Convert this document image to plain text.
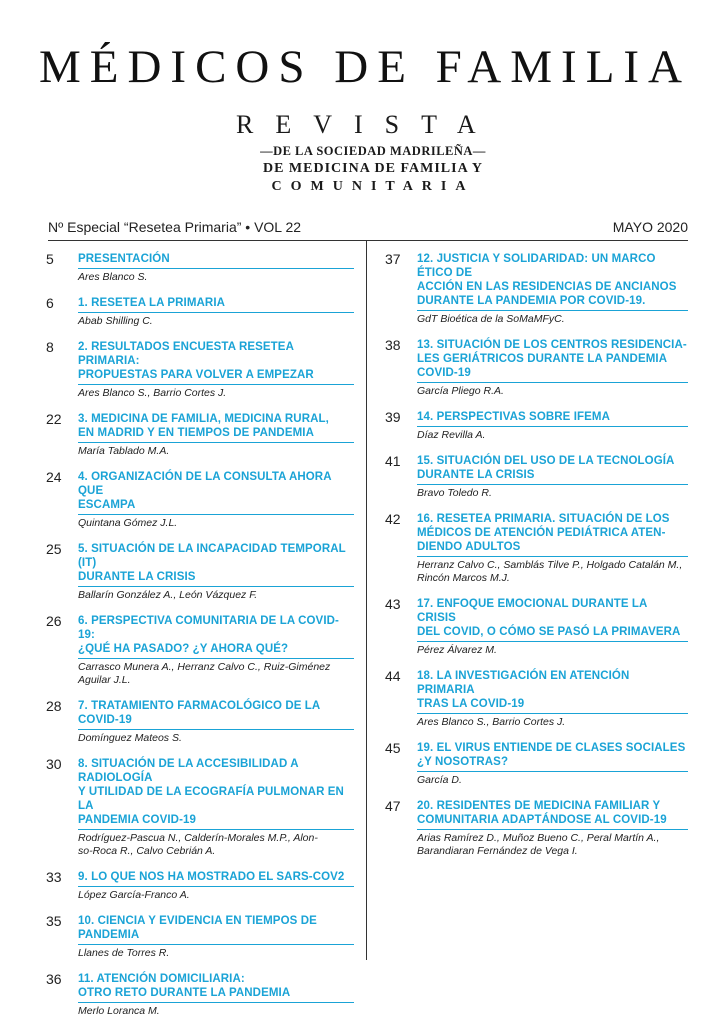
MÉDICOS DE FAMILIA
REVISTA
—DE LA SOCIEDAD MADRILEÑA—
DE MEDICINA DE FAMILIA Y
COMUNITARIA
Nº Especial “Resetea Primaria” • VOL 22	MAYO 2020
5 PRESENTACIÓN
Ares Blanco S.
6 1. RESETEA LA PRIMARIA
Abab Shilling C.
8 2. RESULTADOS ENCUESTA RESETEA PRIMARIA:
PROPUESTAS PARA VOLVER A EMPEZAR
Ares Blanco S., Barrio Cortes J.
22 3. MEDICINA DE FAMILIA, MEDICINA RURAL,
EN MADRID Y EN TIEMPOS DE PANDEMIA
María Tablado M.A.
24 4. ORGANIZACIÓN DE LA CONSULTA AHORA QUE
ESCAMPA
Quintana Gómez J.L.
25 5. SITUACIÓN DE LA INCAPACIDAD TEMPORAL (IT)
DURANTE LA CRISIS
Ballarín González A., León Vázquez F.
26 6. PERSPECTIVA COMUNITARIA DE LA COVID-19:
¿QUÉ HA PASADO? ¿Y AHORA QUÉ?
Carrasco Munera A., Herranz Calvo C., Ruiz-Giménez
Aguilar J.L.
28 7. TRATAMIENTO FARMACOLÓGICO DE LA COVID-19
Domínguez Mateos S.
30 8. SITUACIÓN DE LA ACCESIBILIDAD A RADIOLOGÍA
Y UTILIDAD DE LA ECOGRAFÍA PULMONAR EN LA
PANDEMIA COVID-19
Rodríguez-Pascua N., Calderín-Morales M.P., Alon-
so-Roca R., Calvo Cebrián A.
33 9. LO QUE NOS HA MOSTRADO EL SARS-COV2
López García-Franco A.
35 10. CIENCIA Y EVIDENCIA EN TIEMPOS DE PANDEMIA
Llanes de Torres R.
36 11. ATENCIÓN DOMICILIARIA:
OTRO RETO DURANTE LA PANDEMIA
Merlo Loranca M.
37 12. JUSTICIA Y SOLIDARIDAD: UN MARCO ÉTICO DE
ACCIÓN EN LAS RESIDENCIAS DE ANCIANOS
DURANTE LA PANDEMIA POR COVID-19.
GdT Bioética de la SoMaMFyC.
38 13. SITUACIÓN DE LOS CENTROS RESIDENCIA-
LES GERIÁTRICOS DURANTE LA PANDEMIA
COVID-19
García Pliego R.A.
39 14. PERSPECTIVAS SOBRE IFEMA
Díaz Revilla A.
41 15. SITUACIÓN DEL USO DE LA TECNOLOGÍA
DURANTE LA CRISIS
Bravo Toledo R.
42 16. RESETEA PRIMARIA. SITUACIÓN DE LOS
MÉDICOS DE ATENCIÓN PEDIÁTRICA ATEN-
DIENDO ADULTOS
Herranz Calvo C., Samblás Tilve P., Holgado Catalán M.,
Rincón Marcos M.J.
43 17. ENFOQUE EMOCIONAL DURANTE LA CRISIS
DEL COVID, O CÓMO SE PASÓ LA PRIMAVERA
Pérez Álvarez M.
44 18. LA INVESTIGACIÓN EN ATENCIÓN PRIMARIA
TRAS LA COVID-19
Ares Blanco S., Barrio Cortes J.
45 19. EL VIRUS ENTIENDE DE CLASES SOCIALES
¿Y NOSOTRAS?
García D.
47 20. RESIDENTES DE MEDICINA FAMILIAR Y
COMUNITARIA ADAPTÁNDOSE AL COVID-19
Arias Ramírez D., Muñoz Bueno C., Peral Martín A.,
Barandiaran Fernández de Vega I.
